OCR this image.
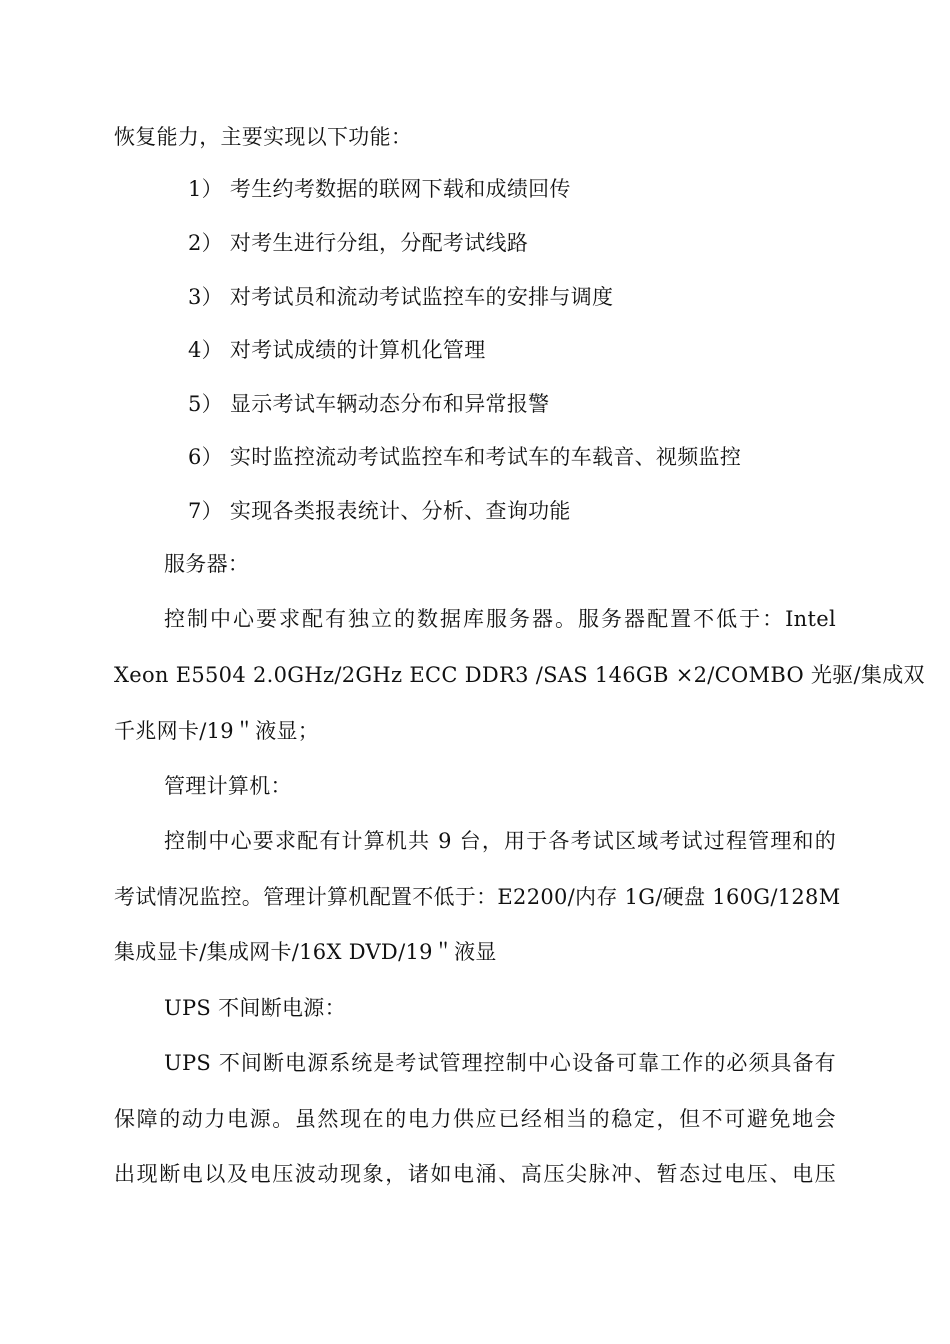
恢复能力，主要实现以下功能：
1） 考生约考数据的联网下载和成绩回传
2） 对考生进行分组，分配考试线路
3） 对考试员和流动考试监控车的安排与调度
4） 对考试成绩的计算机化管理
5） 显示考试车辆动态分布和异常报警
6） 实时监控流动考试监控车和考试车的车载音、视频监控
7） 实现各类报表统计、分析、查询功能
服务器：
控制中心要求配有独立的数据库服务器。服务器配置不低于：Intel
Xeon E5504 2.0GHz/2GHz ECC DDR3 /SAS 146GB ×2/COMBO 光驱/集成双
千兆网卡/19＂液显；
管理计算机：
控制中心要求配有计算机共 9 台，用于各考试区域考试过程管理和的
考试情况监控。管理计算机配置不低于：E2200/内存 1G/硬盘 160G/128M
集成显卡/集成网卡/16X DVD/19＂液显
UPS 不间断电源：
UPS 不间断电源系统是考试管理控制中心设备可靠工作的必须具备有
保障的动力电源。虽然现在的电力供应已经相当的稳定，但不可避免地会
出现断电以及电压波动现象，诸如电涌、高压尖脉冲、暂态过电压、电压
